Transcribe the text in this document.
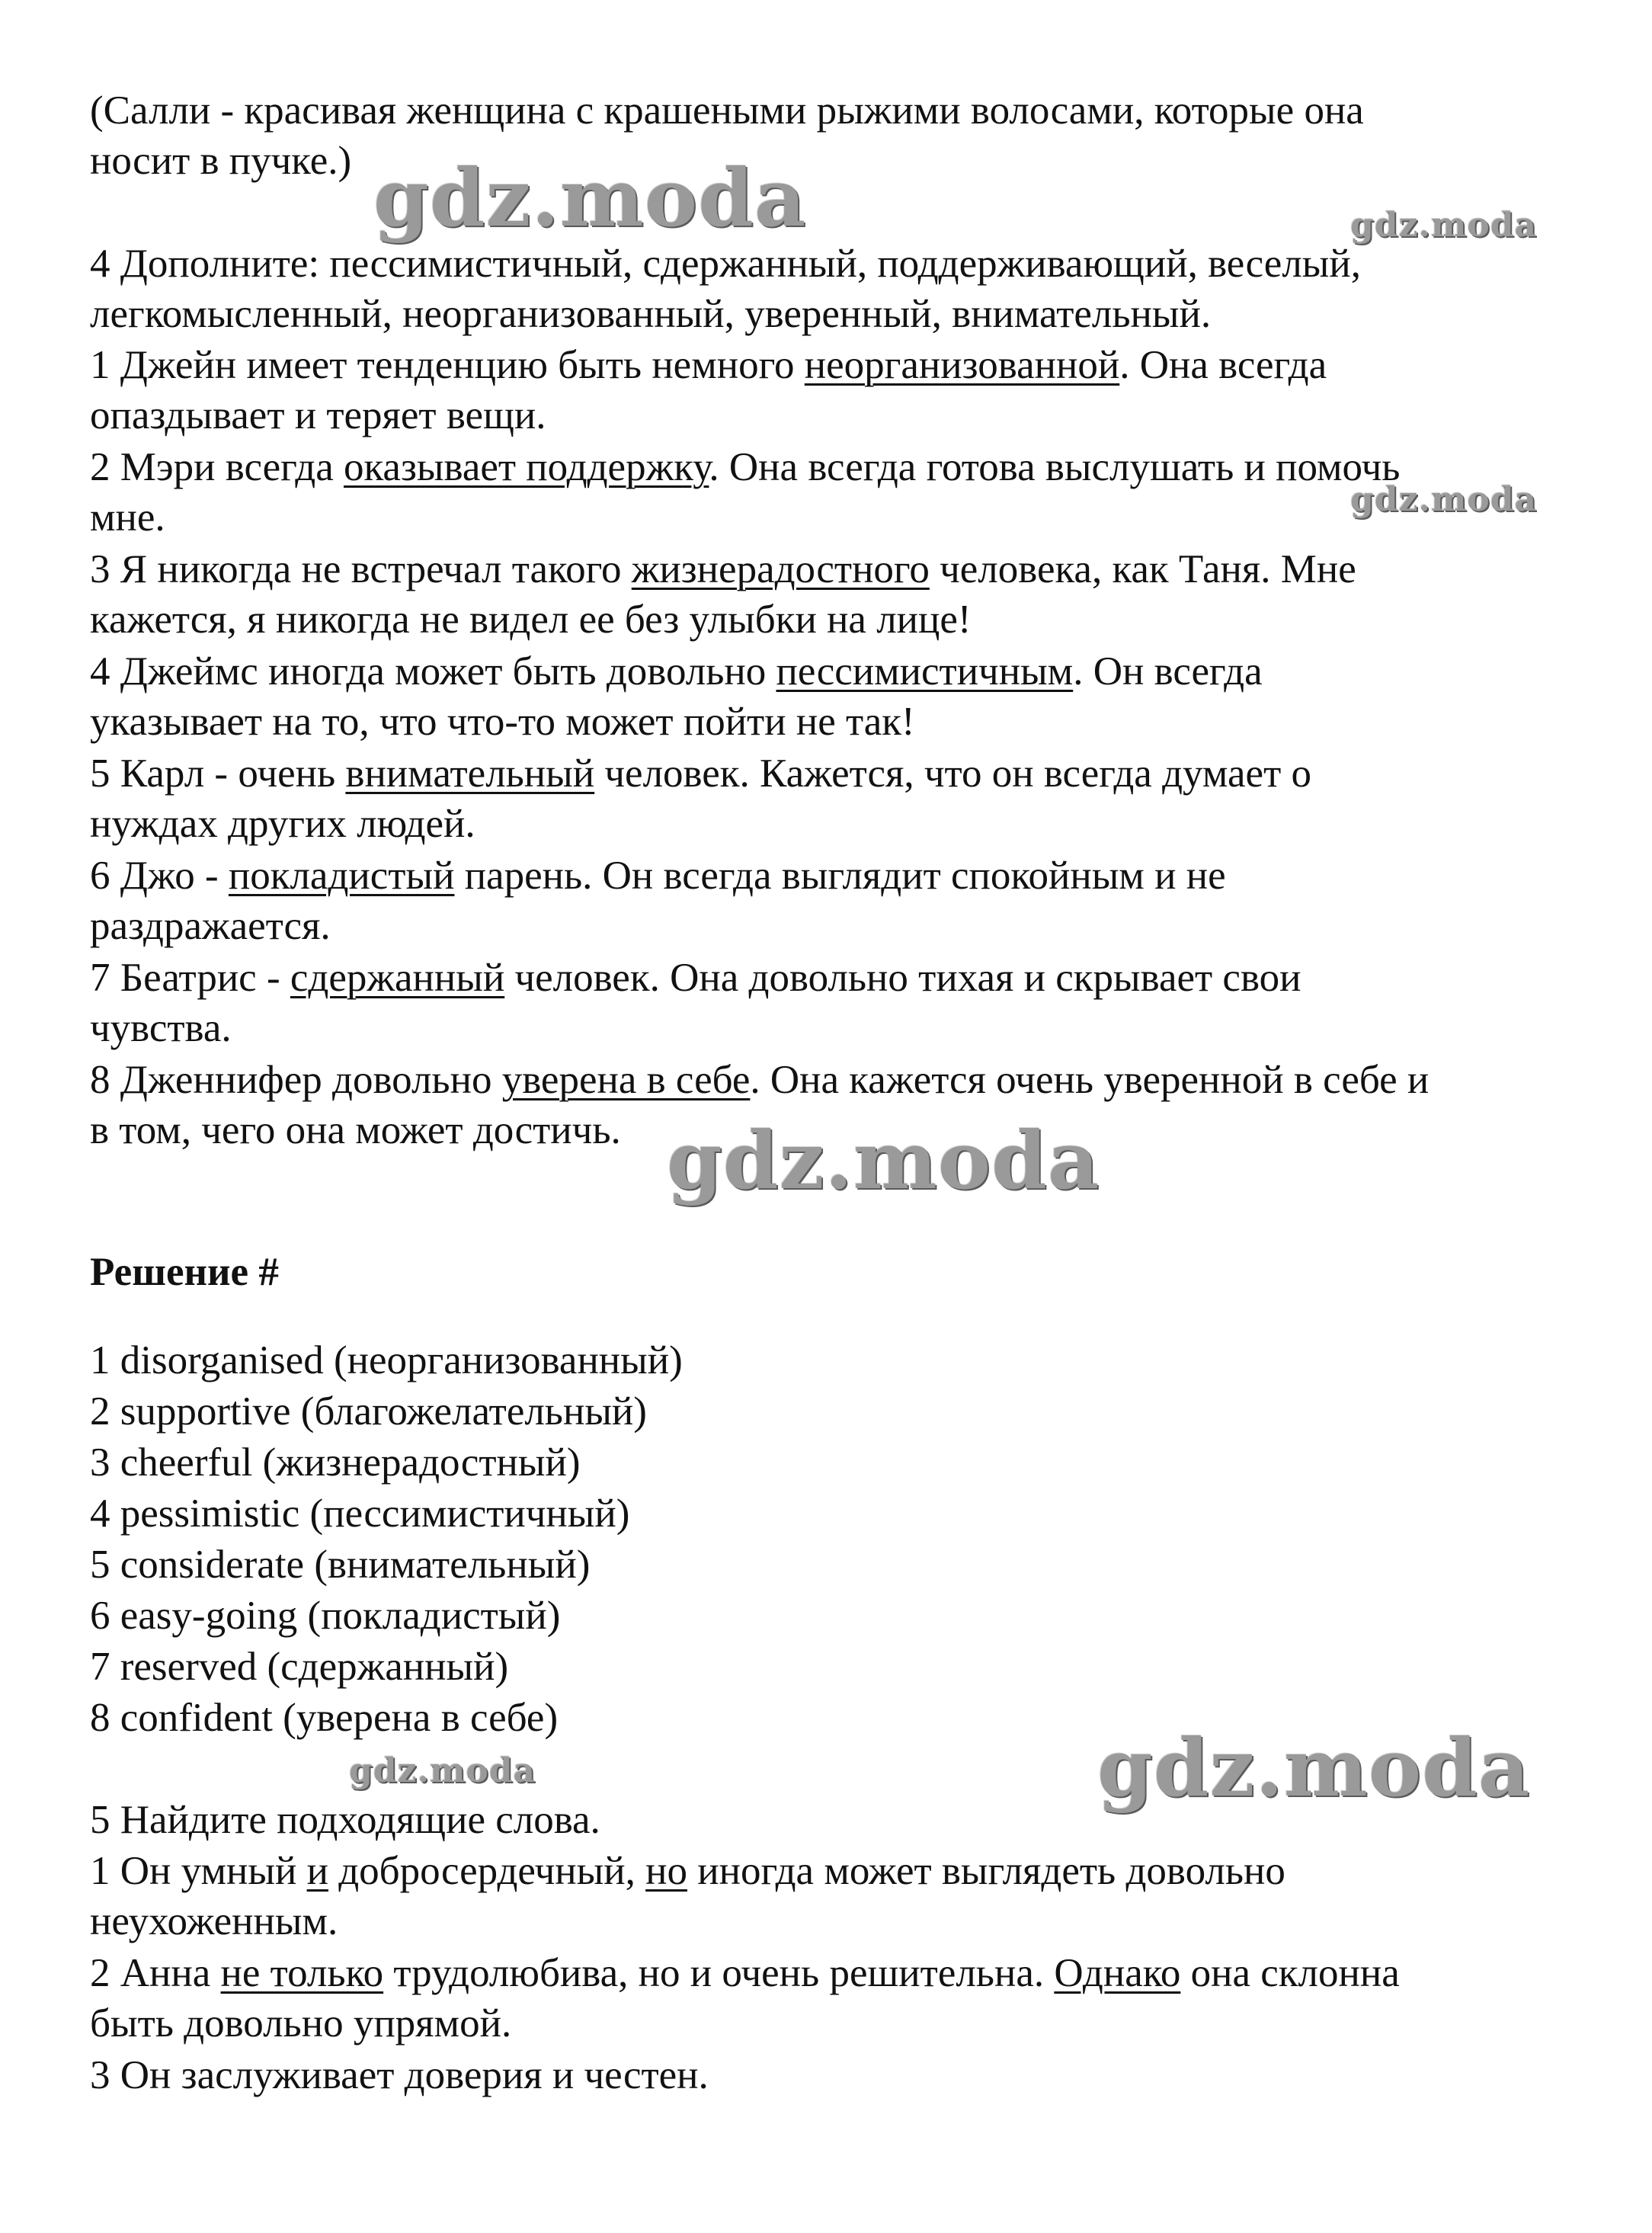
(Салли - красивая женщина с крашеными рыжими волосами, которые она
носит в пучке.)
4 Дополните: пессимистичный, сдержанный, поддерживающий, веселый,
легкомысленный, неорганизованный, уверенный, внимательный.
1 Джейн имеет тенденцию быть немного неорганизованной. Она всегда
опаздывает и теряет вещи.
2 Мэри всегда оказывает поддержку. Она всегда готова выслушать и помочь
мне.
3 Я никогда не встречал такого жизнерадостного человека, как Таня. Мне
кажется, я никогда не видел ее без улыбки на лице!
4 Джеймс иногда может быть довольно пессимистичным. Он всегда
указывает на то, что что-то может пойти не так!
5 Карл - очень внимательный человек. Кажется, что он всегда думает о
нуждах других людей.
6 Джо - покладистый парень. Он всегда выглядит спокойным и не
раздражается.
7 Беатрис - сдержанный человек. Она довольно тихая и скрывает свои
чувства.
8 Дженнифер довольно уверена в себе. Она кажется очень уверенной в себе и
в том, чего она может достичь.
Решение #
1 disorganised (неорганизованный)
2 supportive (благожелательный)
3 cheerful (жизнерадостный)
4 pessimistic (пессимистичный)
5 considerate (внимательный)
6 easy-going (покладистый)
7 reserved (сдержанный)
8 confident (уверена в себе)
5 Найдите подходящие слова.
1 Он умный и добросердечный, но иногда может выглядеть довольно
неухоженным.
2 Анна не только трудолюбива, но и очень решительна. Однако она склонна
быть довольно упрямой.
3 Он заслуживает доверия и честен.
gdz.moda	gdz.moda
gdz.moda
gdz.moda
gdz.moda	gdz.moda
